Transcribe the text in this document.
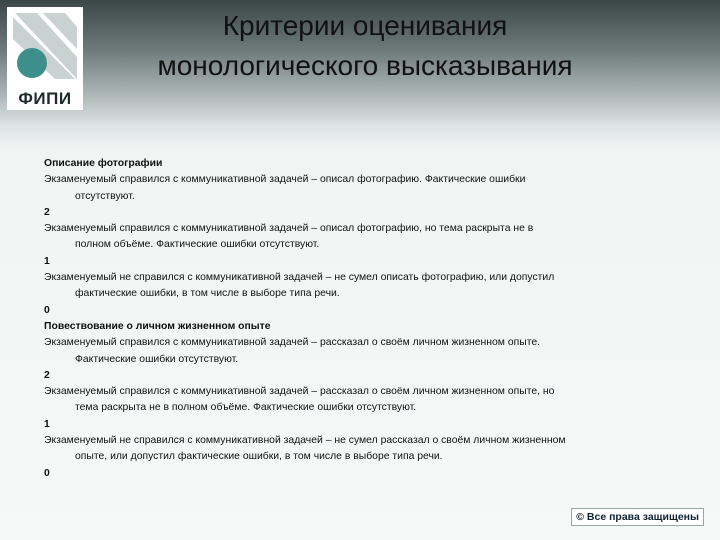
ФИПИ
Критерии оценивания
монологического высказывания
Описание фотографии
Экзаменуемый справился с коммуникативной задачей – описал фотографию. Фактические ошибки
отсутствуют.
2
Экзаменуемый справился с коммуникативной задачей – описал фотографию, но тема раскрыта не в
полном объёме. Фактические ошибки отсутствуют.
1
Экзаменуемый не справился с коммуникативной задачей – не сумел описать фотографию, или допустил
фактические ошибки, в том числе в выборе типа речи.
0
Повествование о личном жизненном опыте
Экзаменуемый справился с коммуникативной задачей – рассказал о своём личном жизненном опыте.
Фактические ошибки отсутствуют.
2
Экзаменуемый справился с коммуникативной задачей – рассказал о своём личном жизненном опыте, но
тема раскрыта не в полном объёме. Фактические ошибки отсутствуют.
1
Экзаменуемый не справился с коммуникативной задачей – не сумел рассказал о своём личном жизненном
опыте, или допустил фактические ошибки, в том числе в выборе типа речи.
0
© Все права защищены
